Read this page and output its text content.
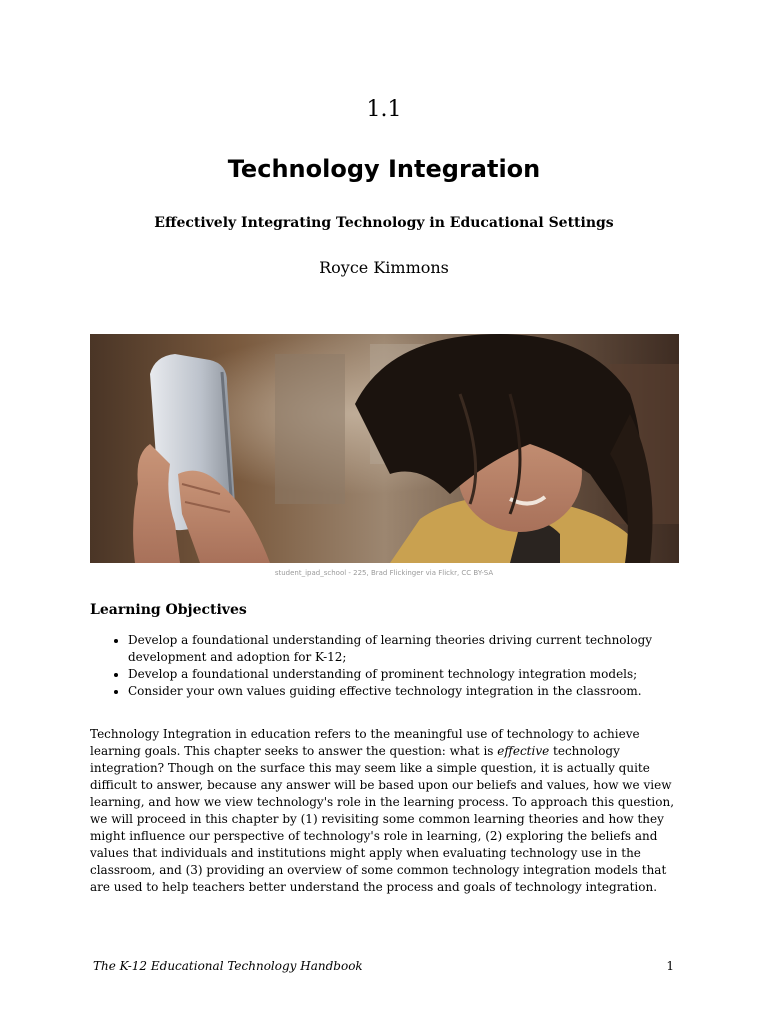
1.1
Technology Integration
Effectively Integrating Technology in Educational Settings
Royce Kimmons
student_ipad_school - 225, Brad Flickinger via Flickr, CC BY-SA
Learning Objectives
• Develop a foundational understanding of learning theories driving current technology development and adoption for K-12;
• Develop a foundational understanding of prominent technology integration models;
• Consider your own values guiding effective technology integration in the classroom.

Technology Integration in education refers to the meaningful use of technology to achieve learning goals. This chapter seeks to answer the question: what is effective technology integration? Though on the surface this may seem like a simple question, it is actually quite difficult to answer, because any answer will be based upon our beliefs and values, how we view learning, and how we view technology's role in the learning process. To approach this question, we will proceed in this chapter by (1) revisiting some common learning theories and how they might influence our perspective of technology's role in learning, (2) exploring the beliefs and values that individuals and institutions might apply when evaluating technology use in the classroom, and (3) providing an overview of some common technology integration models that are used to help teachers better understand the process and goals of technology integration.

The K-12 Educational Technology Handbook	1
